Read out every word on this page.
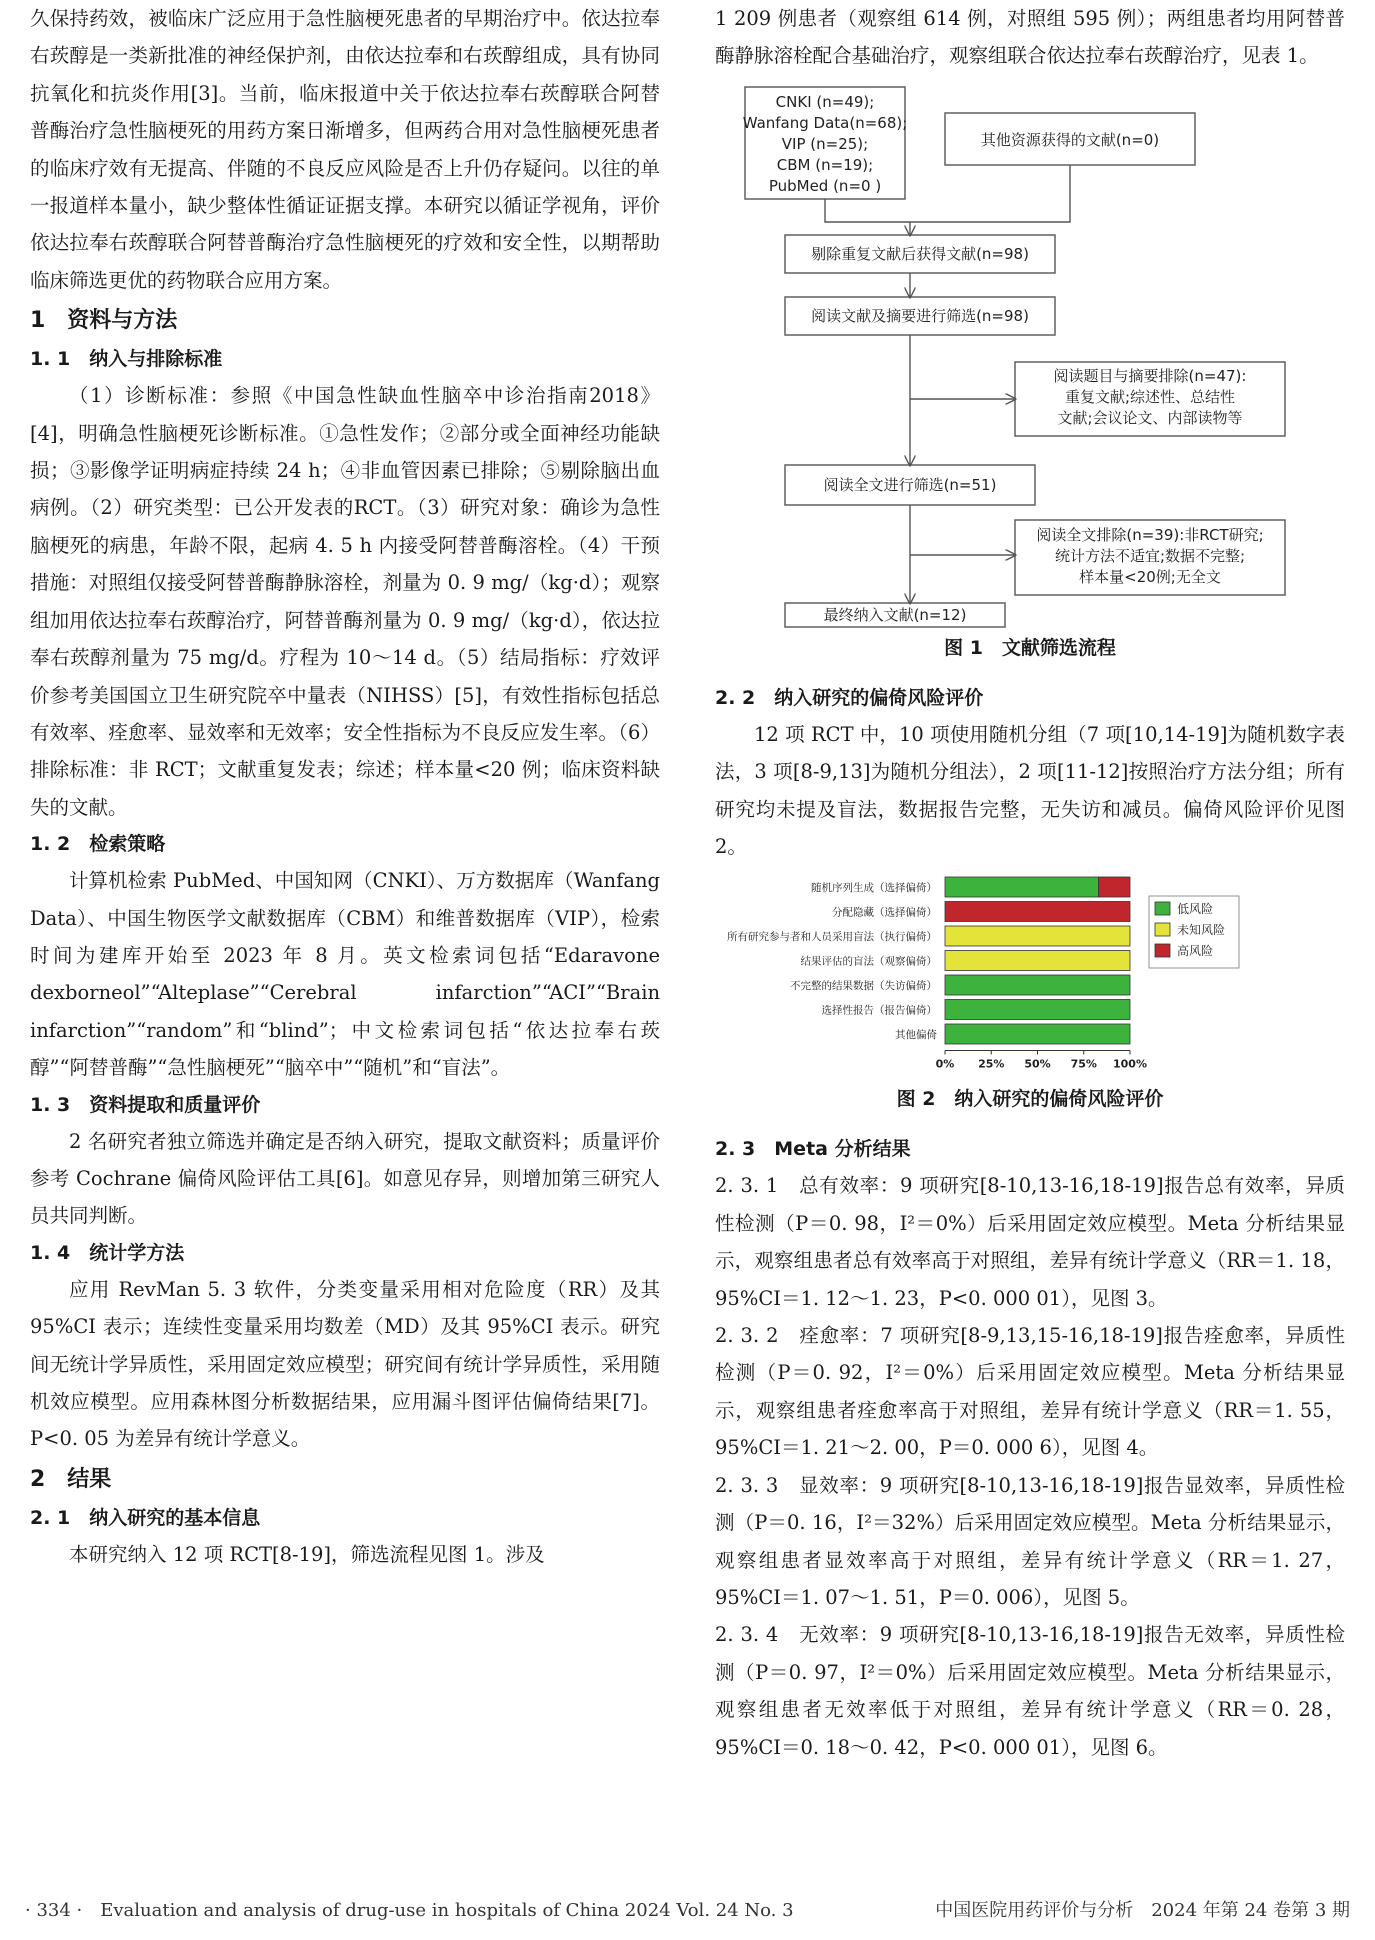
久保持药效，被临床广泛应用于急性脑梗死患者的早期治疗中。依达拉奉右莰醇是一类新批准的神经保护剂，由依达拉奉和右莰醇组成，具有协同抗氧化和抗炎作用[3]。当前，临床报道中关于依达拉奉右莰醇联合阿替普酶治疗急性脑梗死的用药方案日渐增多，但两药合用对急性脑梗死患者的临床疗效有无提高、伴随的不良反应风险是否上升仍存疑问。以往的单一报道样本量小，缺少整体性循证证据支撑。本研究以循证学视角，评价依达拉奉右莰醇联合阿替普酶治疗急性脑梗死的疗效和安全性，以期帮助临床筛选更优的药物联合应用方案。

1　资料与方法

1. 1　纳入与排除标准

（1）诊断标准：参照《中国急性缺血性脑卒中诊治指南2018》[4]，明确急性脑梗死诊断标准。①急性发作；②部分或全面神经功能缺损；③影像学证明病症持续 24 h；④非血管因素已排除；⑤剔除脑出血病例。（2）研究类型：已公开发表的RCT。（3）研究对象：确诊为急性脑梗死的病患，年龄不限，起病 4. 5 h 内接受阿替普酶溶栓。（4）干预措施：对照组仅接受阿替普酶静脉溶栓，剂量为 0. 9 mg/（kg·d）；观察组加用依达拉奉右莰醇治疗，阿替普酶剂量为 0. 9 mg/（kg·d），依达拉奉右莰醇剂量为 75 mg/d。疗程为 10～14 d。（5）结局指标：疗效评价参考美国国立卫生研究院卒中量表（NIHSS）[5]，有效性指标包括总有效率、痊愈率、显效率和无效率；安全性指标为不良反应发生率。（6）排除标准：非 RCT；文献重复发表；综述；样本量<20 例；临床资料缺失的文献。

1. 2　检索策略

计算机检索 PubMed、中国知网（CNKI）、万方数据库（Wanfang Data）、中国生物医学文献数据库（CBM）和维普数据库（VIP），检索时间为建库开始至 2023 年 8 月。英文检索词包括“Edaravone dexborneol”“Alteplase”“Cerebral infarction”“ACI”“Brain infarction”“random”和“blind”；中文检索词包括“依达拉奉右莰醇”“阿替普酶”“急性脑梗死”“脑卒中”“随机”和“盲法”。

1. 3　资料提取和质量评价

2 名研究者独立筛选并确定是否纳入研究，提取文献资料；质量评价参考 Cochrane 偏倚风险评估工具[6]。如意见存异，则增加第三研究人员共同判断。

1. 4　统计学方法

应用 RevMan 5. 3 软件，分类变量采用相对危险度（RR）及其 95%CI 表示；连续性变量采用均数差（MD）及其 95%CI 表示。研究间无统计学异质性，采用固定效应模型；研究间有统计学异质性，采用随机效应模型。应用森林图分析数据结果，应用漏斗图评估偏倚结果[7]。P<0. 05 为差异有统计学意义。

2　结果

2. 1　纳入研究的基本信息

本研究纳入 12 项 RCT[8-19]，筛选流程见图 1。涉及

1 209 例患者（观察组 614 例，对照组 595 例）；两组患者均用阿替普酶静脉溶栓配合基础治疗，观察组联合依达拉奉右莰醇治疗，见表 1。

CNKI (n=49);
Wanfang Data(n=68);
VIP (n=25);
CBM (n=19);
PubMed (n=0 )
其他资源获得的文献(n=0)
剔除重复文献后获得文献(n=98)
阅读文献及摘要进行筛选(n=98)
阅读题目与摘要排除(n=47):
重复文献;综述性、总结性
文献;会议论文、内部读物等
阅读全文进行筛选(n=51)
阅读全文排除(n=39):非RCT研究;
统计方法不适宜;数据不完整;
样本量<20例;无全文
最终纳入文献(n=12)

图 1　文献筛选流程

2. 2　纳入研究的偏倚风险评价

12 项 RCT 中，10 项使用随机分组（7 项[10,14-19]为随机数字表法，3 项[8-9,13]为随机分组法），2 项[11-12]按照治疗方法分组；所有研究均未提及盲法，数据报告完整，无失访和减员。偏倚风险评价见图 2。

随机序列生成（选择偏倚）
分配隐藏（选择偏倚）
所有研究参与者和人员采用盲法（执行偏倚）
结果评估的盲法（观察偏倚）
不完整的结果数据（失访偏倚）
选择性报告（报告偏倚）
其他偏倚
0% 25% 50% 75% 100%
低风险
未知风险
高风险

图 2　纳入研究的偏倚风险评价

2. 3　Meta 分析结果

2. 3. 1　总有效率：9 项研究[8-10,13-16,18-19]报告总有效率，异质性检测（P＝0. 98，I²＝0%）后采用固定效应模型。Meta 分析结果显示，观察组患者总有效率高于对照组，差异有统计学意义（RR＝1. 18，95%CI＝1. 12～1. 23，P<0. 000 01），见图 3。

2. 3. 2　痊愈率：7 项研究[8-9,13,15-16,18-19]报告痊愈率，异质性检测（P＝0. 92，I²＝0%）后采用固定效应模型。Meta 分析结果显示，观察组患者痊愈率高于对照组，差异有统计学意义（RR＝1. 55，95%CI＝1. 21～2. 00，P＝0. 000 6），见图 4。

2. 3. 3　显效率：9 项研究[8-10,13-16,18-19]报告显效率，异质性检测（P＝0. 16，I²＝32%）后采用固定效应模型。Meta 分析结果显示，观察组患者显效率高于对照组，差异有统计学意义（RR＝1. 27，95%CI＝1. 07～1. 51，P＝0. 006），见图 5。

2. 3. 4　无效率：9 项研究[8-10,13-16,18-19]报告无效率，异质性检测（P＝0. 97，I²＝0%）后采用固定效应模型。Meta 分析结果显示，观察组患者无效率低于对照组，差异有统计学意义（RR＝0. 28，95%CI＝0. 18～0. 42，P<0. 000 01），见图 6。

· 334 ·　Evaluation and analysis of drug-use in hospitals of China 2024 Vol. 24 No. 3	中国医院用药评价与分析　2024 年第 24 卷第 3 期
